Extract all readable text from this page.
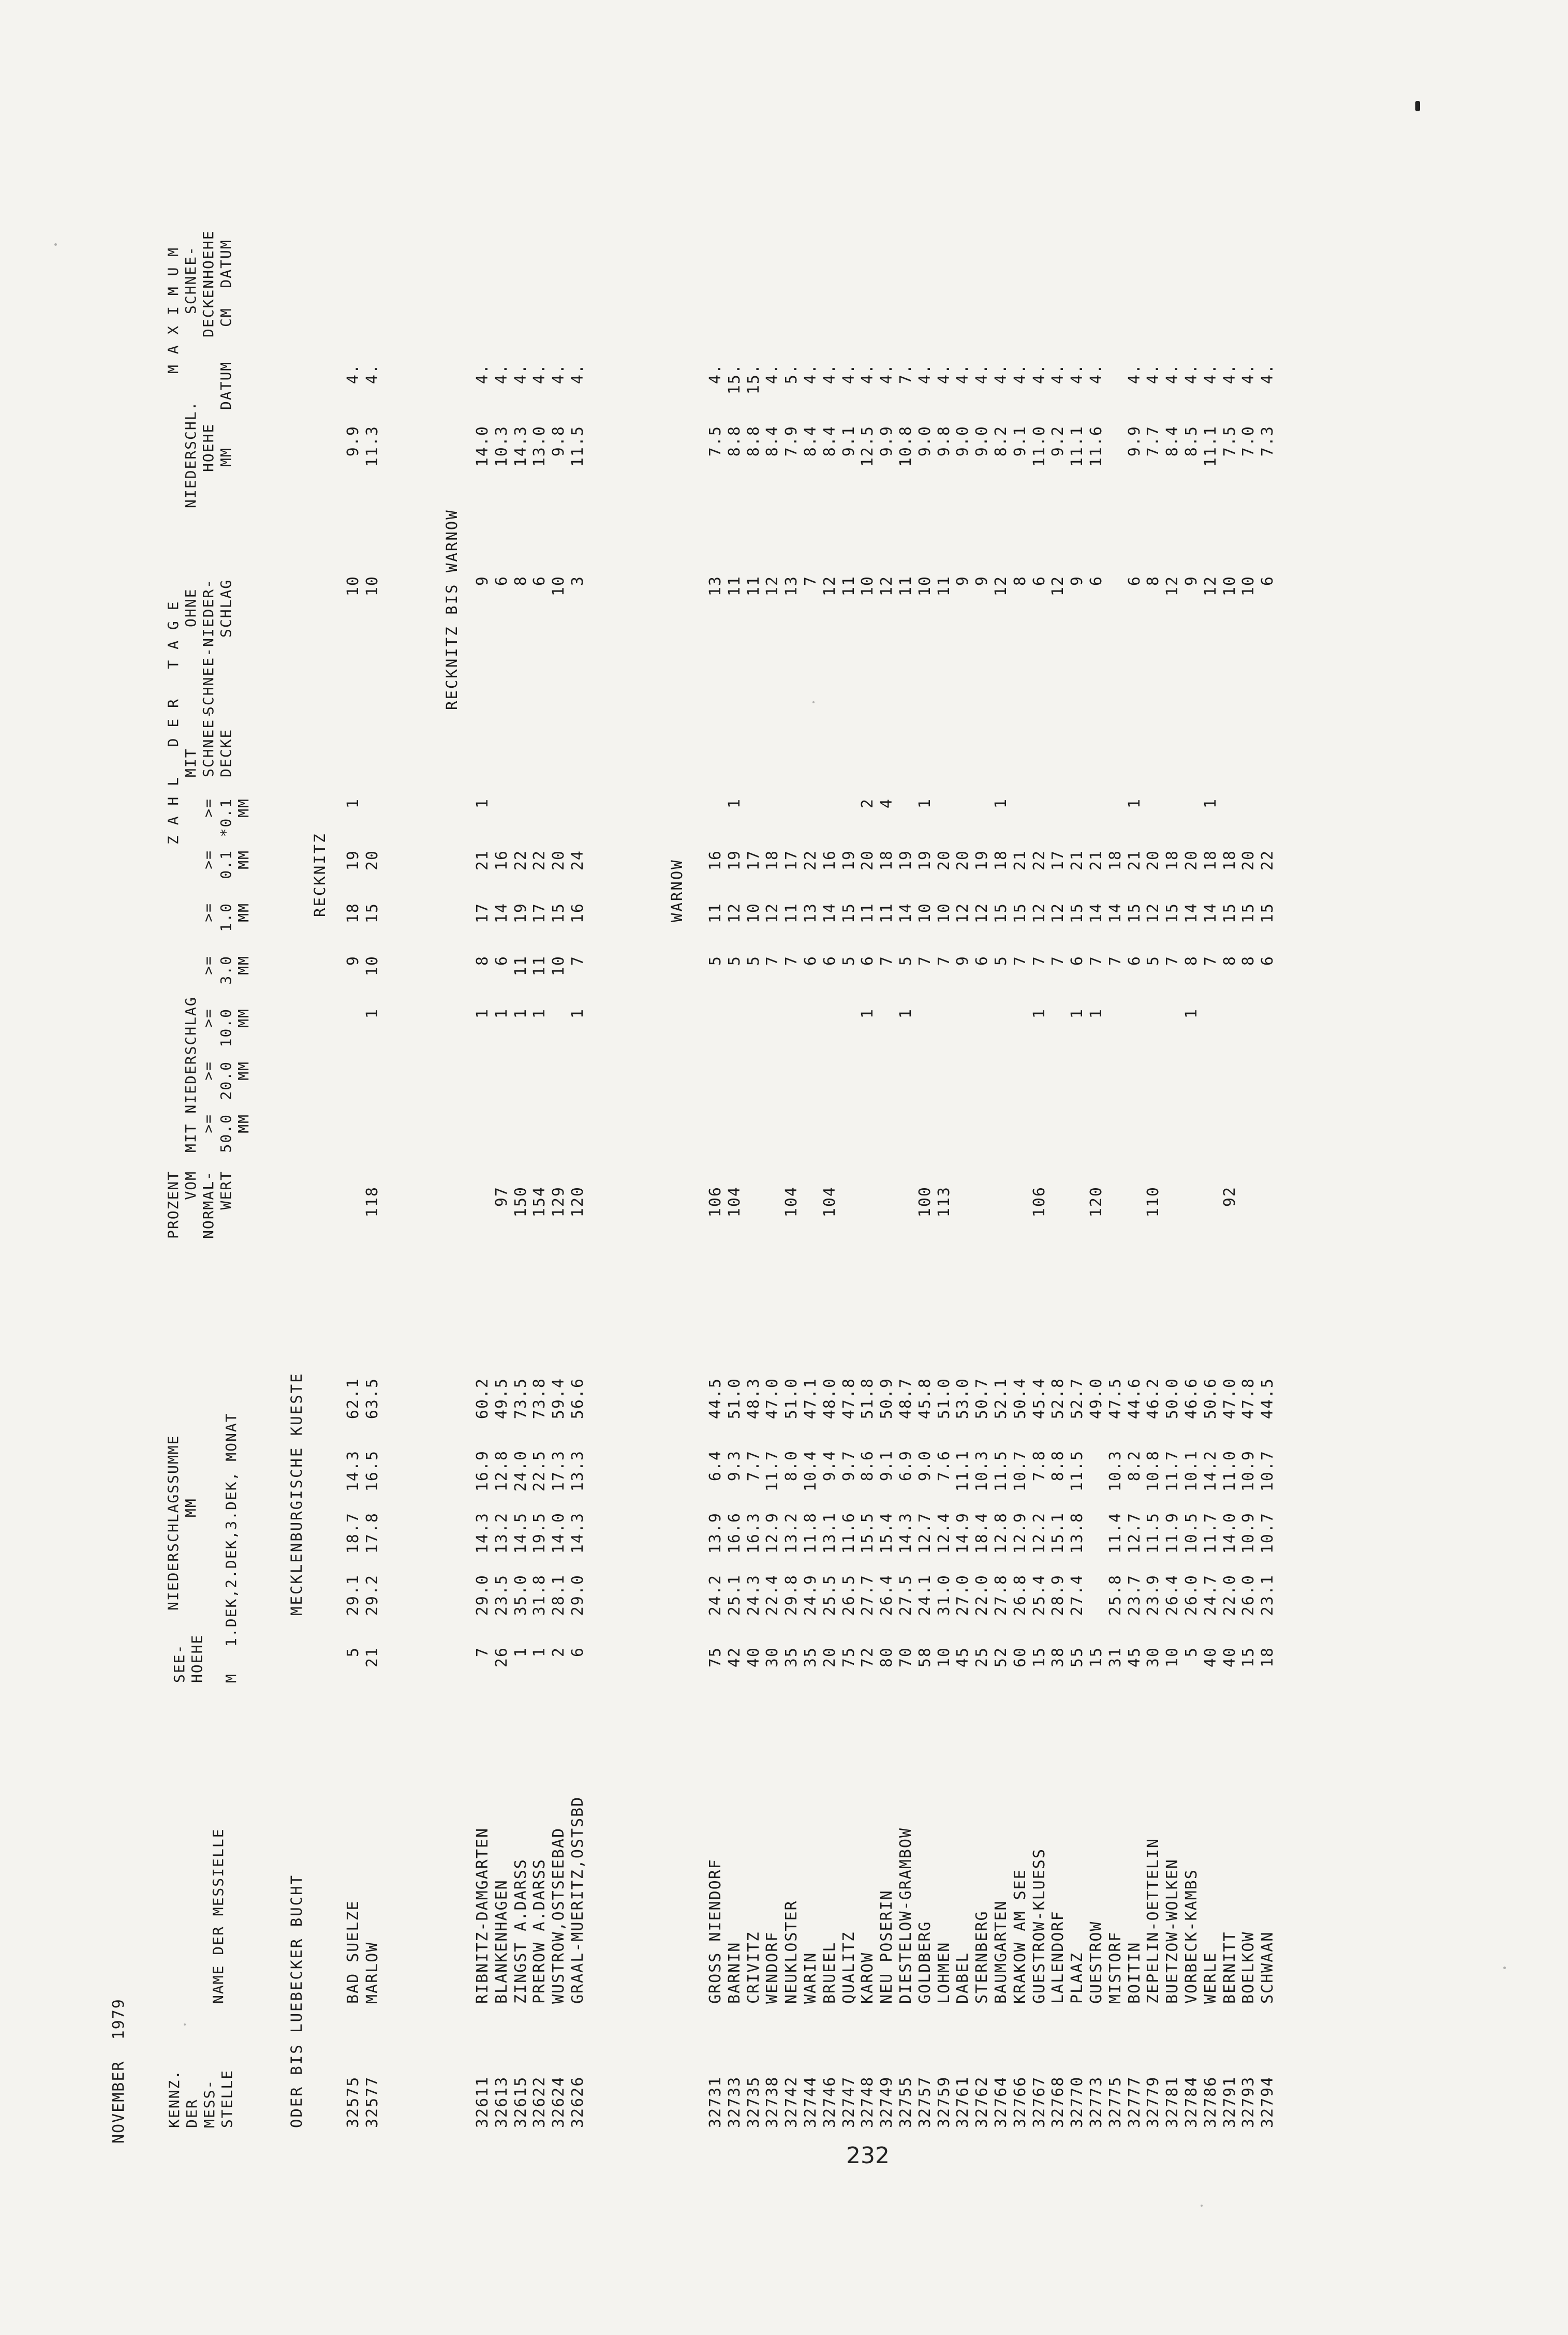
NOVEMBER  1979	KENNZ. DER MESS- STELLE
NAME DER MESSIELLE
SEE- HOEHE M
NIEDERSCHLAGSSUMME MM 1.DEK,2.DEK,3.DEK, MONAT
PROZENT VOM NORMAL- WERT
Z A H L   D E R   T A G E
MIT NIEDERSCHLAG >= 50.0 MM
>= 20.0 MM
>= 10.0 MM
>= 3.0 MM
>= 1.0 MM
>= 0.1 MM
>= *0.1 MM
MIT SCHNEE- DECKE
OHNE SCHNEE-NIEDER- SCHLAG
M A X I M U M
NIEDERSCHL. HOEHE MM
DATUM
SCHNEE- DECKENHOEHE CM  DATUM
ODER BIS LUEBECKER BUCHT
MECKLENBURGISCHE KUESTE
RECKNITZ
RECKNITZ BIS WARNOW
WARNOW
32575
BAD SUELZE
5
29.1
18.7
14.3
62.1
9
18
19
1
10
9.9
4.
32577
MARLOW
21
29.2
17.8
16.5
63.5
118
1
10
15
20
10
11.3
4.
32611
RIBNITZ-DAMGARTEN
7
29.0
14.3
16.9
60.2
1
8
17
21
1
9
14.0
4.
32613
BLANKENHAGEN
26
23.5
13.2
12.8
49.5
97
1
6
14
16
6
10.3
4.
32615
ZINGST A.DARSS
1
35.0
14.5
24.0
73.5
150
1
11
19
22
8
14.3
4.
32622
PREROW A.DARSS
1
31.8
19.5
22.5
73.8
154
1
11
17
22
6
13.0
4.
32624
WUSTROW,OSTSEEBAD
2
28.1
14.0
17.3
59.4
129
10
15
20
10
9.8
4.
32626
GRAAL-MUERITZ,OSTSBD
6
29.0
14.3
13.3
56.6
120
1
7
16
24
3
11.5
4.
32731
GROSS NIENDORF
75
24.2
13.9
6.4
44.5
106
5
11
16
13
7.5
4.
32733
BARNIN
42
25.1
16.6
9.3
51.0
104
5
12
19
1
11
8.8
15.
32735
CRIVITZ
40
24.3
16.3
7.7
48.3
5
10
17
11
8.8
15.
32738
WENDORF
30
22.4
12.9
11.7
47.0
7
12
18
12
8.4
4.
32742
NEUKLOSTER
35
29.8
13.2
8.0
51.0
104
7
11
17
13
7.9
5.
32744
WARIN
35
24.9
11.8
10.4
47.1
6
13
22
7
8.4
4.
32746
BRUEEL
20
25.5
13.1
9.4
48.0
104
6
14
16
12
8.4
4.
32747
QUALITZ
75
26.5
11.6
9.7
47.8
5
15
19
11
9.1
4.
32748
KAROW
72
27.7
15.5
8.6
51.8
1
6
11
20
2
10
12.5
4.
32749
NEU POSERIN
80
26.4
15.4
9.1
50.9
7
11
18
4
12
9.9
4.
32755
DIESTELOW-GRAMBOW
70
27.5
14.3
6.9
48.7
1
5
14
19
11
10.8
7.
32757
GOLDBERG
58
24.1
12.7
9.0
45.8
100
7
10
19
1
10
9.0
4.
32759
LOHMEN
10
31.0
12.4
7.6
51.0
113
7
10
20
11
9.8
4.
32761
DABEL
45
27.0
14.9
11.1
53.0
9
12
20
9
9.0
4.
32762
STERNBERG
25
22.0
18.4
10.3
50.7
6
12
19
9
9.0
4.
32764
BAUMGARTEN
52
27.8
12.8
11.5
52.1
5
15
18
1
12
8.2
4.
32766
KRAKOW AM SEE
60
26.8
12.9
10.7
50.4
7
15
21
8
9.1
4.
32767
GUESTROW-KLUESS
15
25.4
12.2
7.8
45.4
106
1
7
12
22
6
11.0
4.
32768
LALENDORF
38
28.9
15.1
8.8
52.8
7
12
17
12
9.2
4.
32770
PLAAZ
55
27.4
13.8
11.5
52.7
1
6
15
21
9
11.1
4.
32773
GUESTROW
15
49.0
120
1
7
14
21
6
11.6
4.
32775
MISTORF
31
25.8
11.4
10.3
47.5
7
14
18
32777
BOITIN
45
23.7
12.7
8.2
44.6
6
15
21
1
6
9.9
4.
32779
ZEPELIN-OETTELIN
30
23.9
11.5
10.8
46.2
110
5
12
20
8
7.7
4.
32781
BUETZOW-WOLKEN
10
26.4
11.9
11.7
50.0
7
15
18
12
8.4
4.
32784
VORBECK-KAMBS
5
26.0
10.5
10.1
46.6
1
8
14
20
9
8.5
4.
32786
WERLE
40
24.7
11.7
14.2
50.6
7
14
18
1
12
11.1
4.
32791
BERNITT
40
22.0
14.0
11.0
47.0
92
8
15
18
10
7.5
4.
32793
BOELKOW
15
26.0
10.9
10.9
47.8
8
15
20
10
7.0
4.
32794
SCHWAAN
18
23.1
10.7
10.7
44.5
6
15
22
6
7.3
4.
232
